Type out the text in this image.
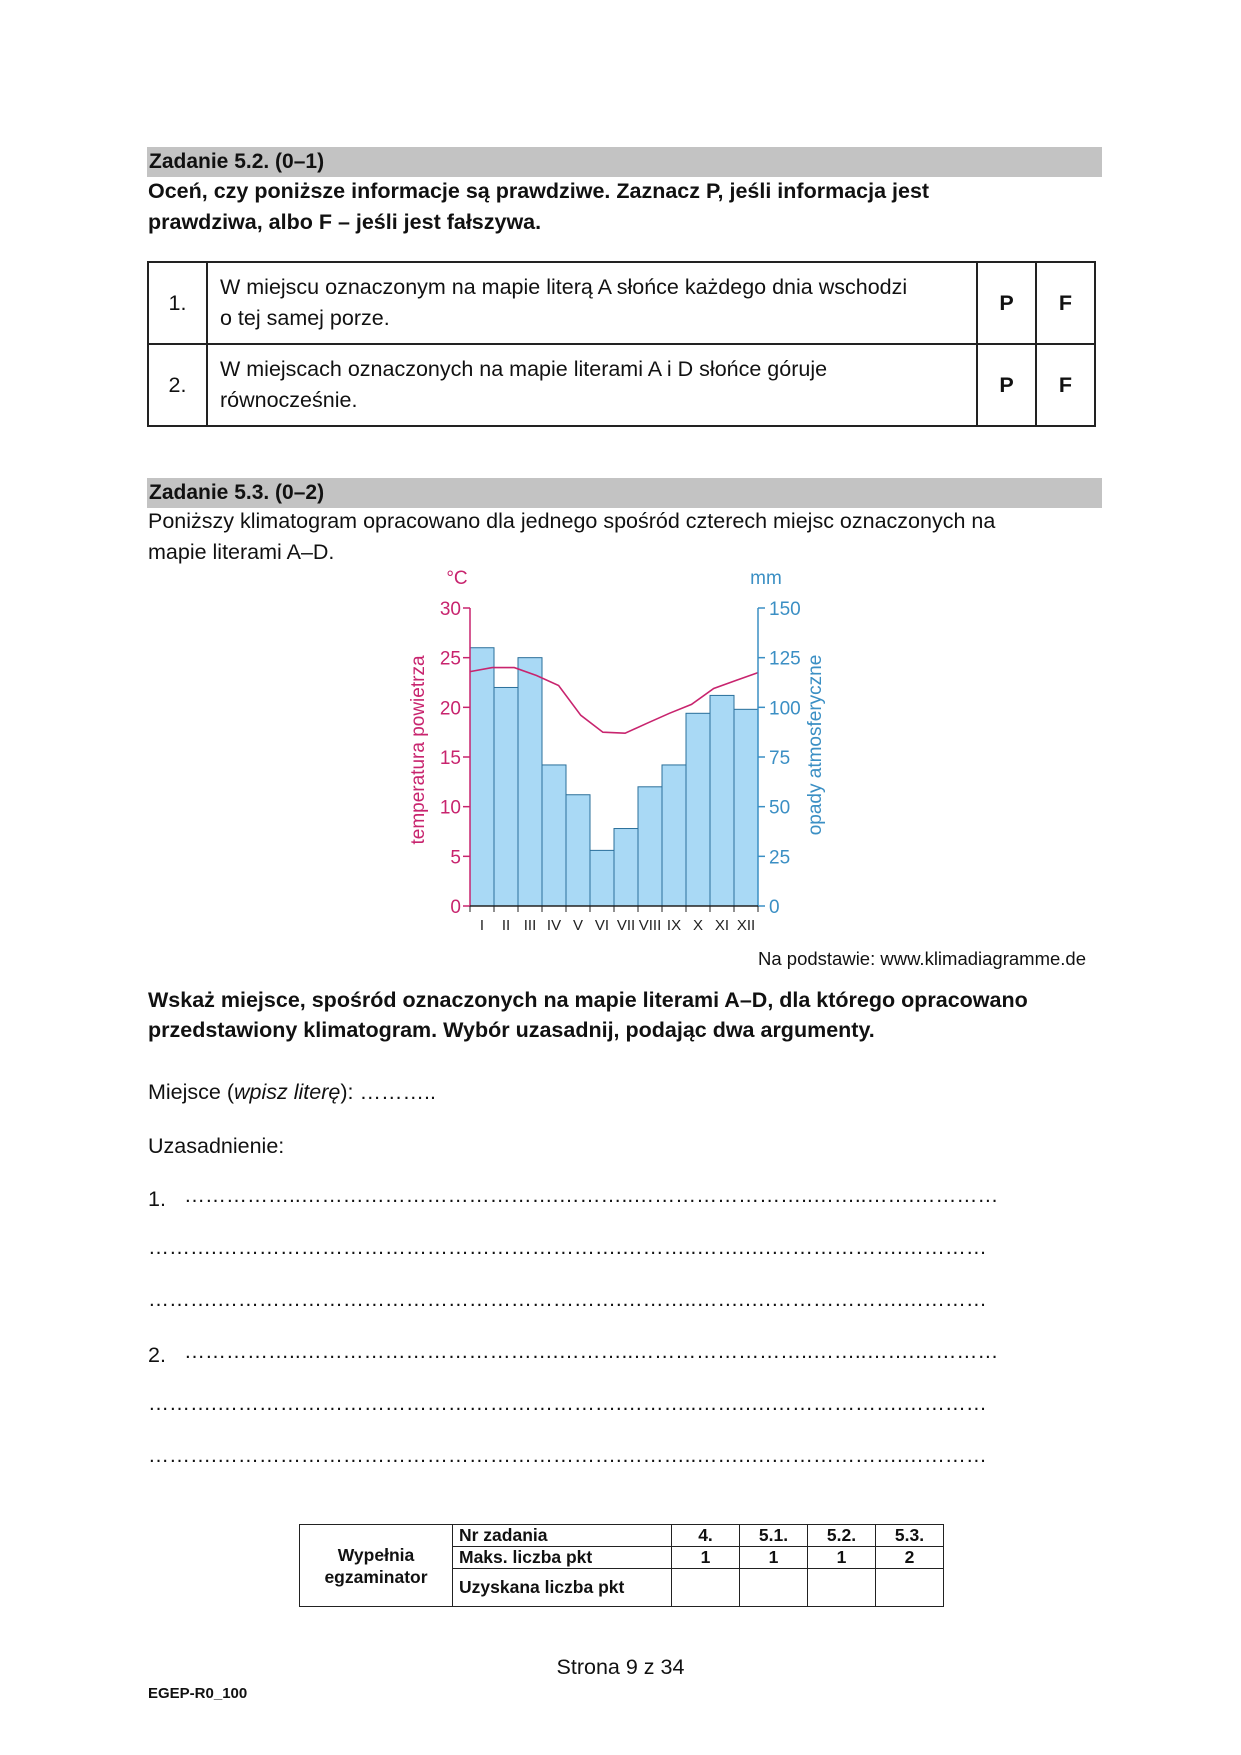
Zadanie 5.2. (0–1)
Oceń, czy poniższe informacje są prawdziwe. Zaznacz P, jeśli informacja jest
prawdziwa, albo F – jeśli jest fałszywa.
1.	W miejscu oznaczonym na mapie literą A słońce każdego dnia wschodzi
o tej samej porze.	P	F
2.	W miejscach oznaczonych na mapie literami A i D słońce góruje
równocześnie.	P	F
Zadanie 5.3. (0–2)
Poniższy klimatogram opracowano dla jednego spośród czterech miejsc oznaczonych na
mapie literami A–D.
0
5
10
15
20
25
30
0
25
50
75
100
125
150
I II III IV V VI VII VIII IX X XI XII
°C	mm
temperatura powietrza	opady atmosferyczne
Na podstawie: www.klimadiagramme.de
Wskaż miejsce, spośród oznaczonych na mapie literami A–D, dla którego opracowano
przedstawiony klimatogram. Wybór uzasadnij, podając dwa argumenty.
Miejsce (wpisz literę): ………..
Uzasadnienie:
1. ……………..……………………………….………..……………………..……..…….…………
……….………………………………………………….………..…….….……………….…………
……….………………………………………………….………..…….….……………….…………
2. ……………..……………………………….………..……………………..……..…….…………
……….………………………………………………….………..…….….……………….…………
……….………………………………………………….………..…….….……………….…………
Wypełnia
egzaminator	Nr zadania	4.	5.1.	5.2.	5.3.
	Maks. liczba pkt	1	1	1	2
	Uzyskana liczba pkt				
Strona 9 z 34
EGEP-R0_100
